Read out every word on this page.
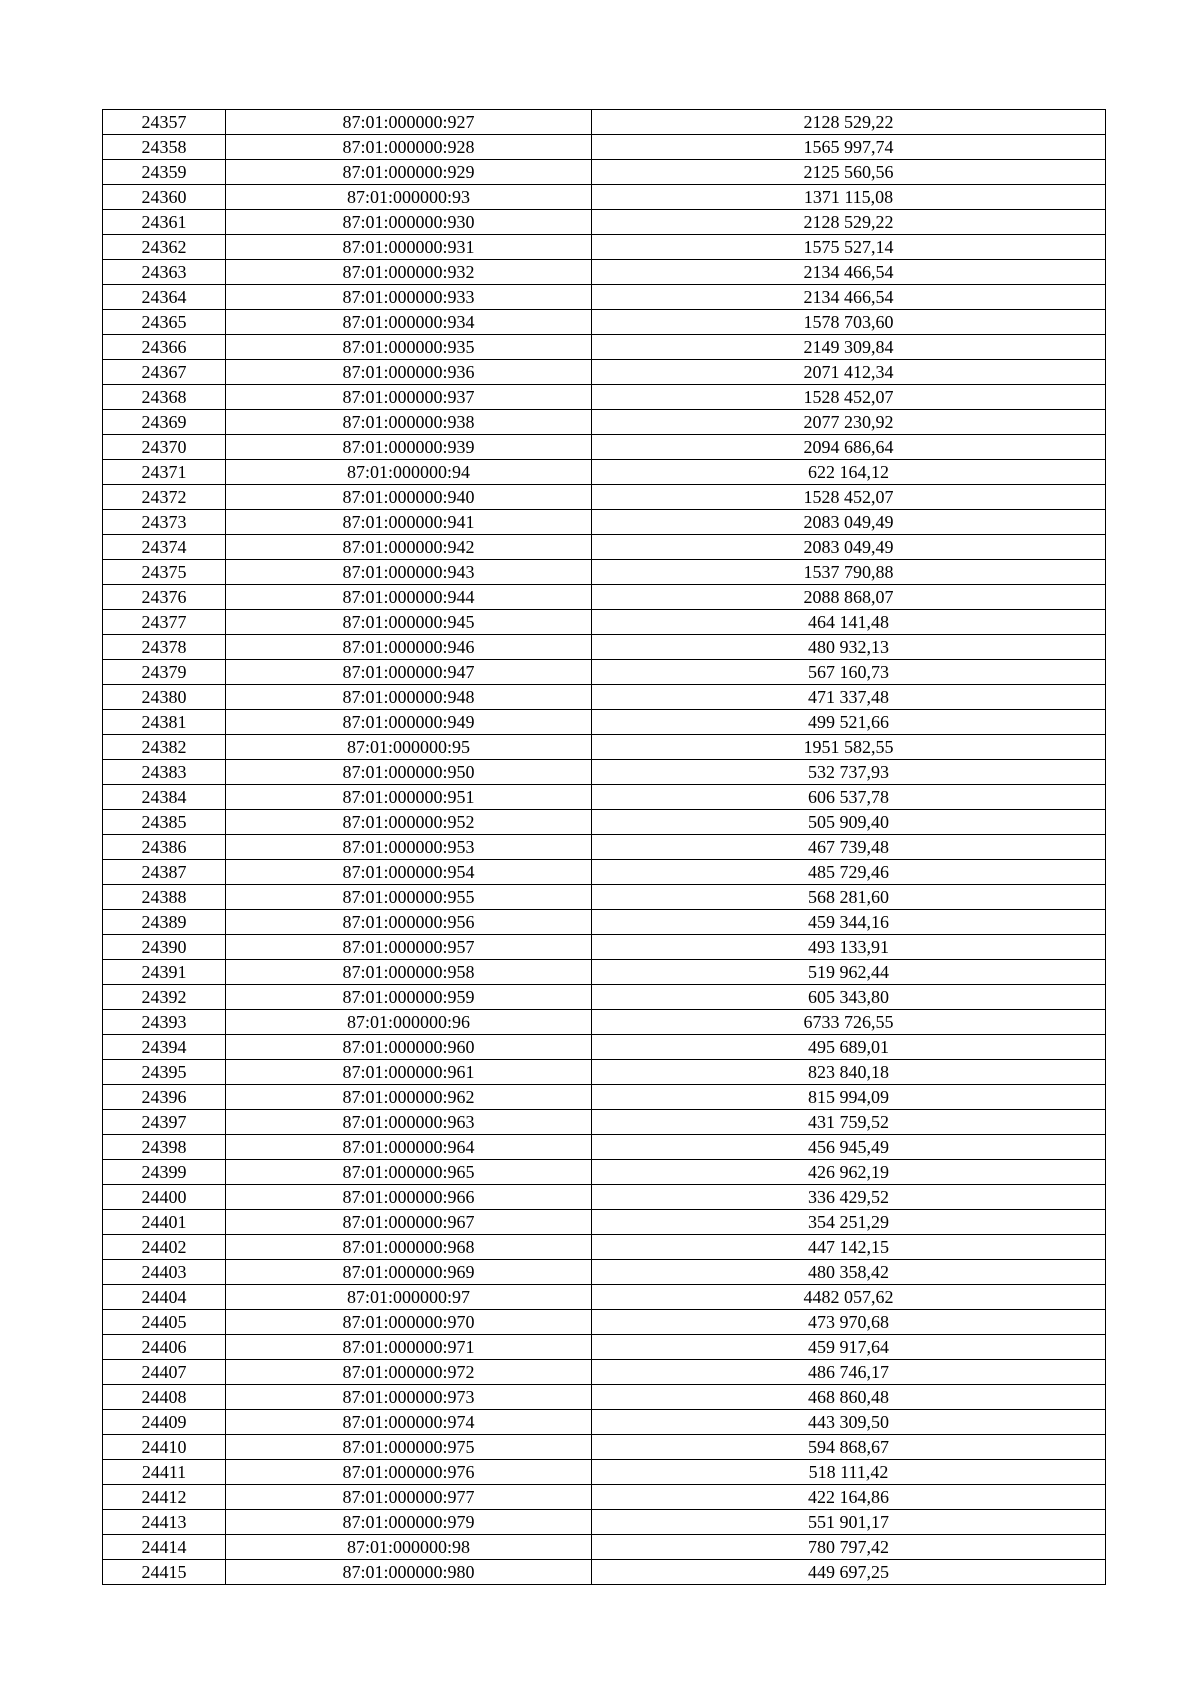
24357	87:01:000000:927	2128 529,22
24358	87:01:000000:928	1565 997,74
24359	87:01:000000:929	2125 560,56
24360	87:01:000000:93	1371 115,08
24361	87:01:000000:930	2128 529,22
24362	87:01:000000:931	1575 527,14
24363	87:01:000000:932	2134 466,54
24364	87:01:000000:933	2134 466,54
24365	87:01:000000:934	1578 703,60
24366	87:01:000000:935	2149 309,84
24367	87:01:000000:936	2071 412,34
24368	87:01:000000:937	1528 452,07
24369	87:01:000000:938	2077 230,92
24370	87:01:000000:939	2094 686,64
24371	87:01:000000:94	622 164,12
24372	87:01:000000:940	1528 452,07
24373	87:01:000000:941	2083 049,49
24374	87:01:000000:942	2083 049,49
24375	87:01:000000:943	1537 790,88
24376	87:01:000000:944	2088 868,07
24377	87:01:000000:945	464 141,48
24378	87:01:000000:946	480 932,13
24379	87:01:000000:947	567 160,73
24380	87:01:000000:948	471 337,48
24381	87:01:000000:949	499 521,66
24382	87:01:000000:95	1951 582,55
24383	87:01:000000:950	532 737,93
24384	87:01:000000:951	606 537,78
24385	87:01:000000:952	505 909,40
24386	87:01:000000:953	467 739,48
24387	87:01:000000:954	485 729,46
24388	87:01:000000:955	568 281,60
24389	87:01:000000:956	459 344,16
24390	87:01:000000:957	493 133,91
24391	87:01:000000:958	519 962,44
24392	87:01:000000:959	605 343,80
24393	87:01:000000:96	6733 726,55
24394	87:01:000000:960	495 689,01
24395	87:01:000000:961	823 840,18
24396	87:01:000000:962	815 994,09
24397	87:01:000000:963	431 759,52
24398	87:01:000000:964	456 945,49
24399	87:01:000000:965	426 962,19
24400	87:01:000000:966	336 429,52
24401	87:01:000000:967	354 251,29
24402	87:01:000000:968	447 142,15
24403	87:01:000000:969	480 358,42
24404	87:01:000000:97	4482 057,62
24405	87:01:000000:970	473 970,68
24406	87:01:000000:971	459 917,64
24407	87:01:000000:972	486 746,17
24408	87:01:000000:973	468 860,48
24409	87:01:000000:974	443 309,50
24410	87:01:000000:975	594 868,67
24411	87:01:000000:976	518 111,42
24412	87:01:000000:977	422 164,86
24413	87:01:000000:979	551 901,17
24414	87:01:000000:98	780 797,42
24415	87:01:000000:980	449 697,25
